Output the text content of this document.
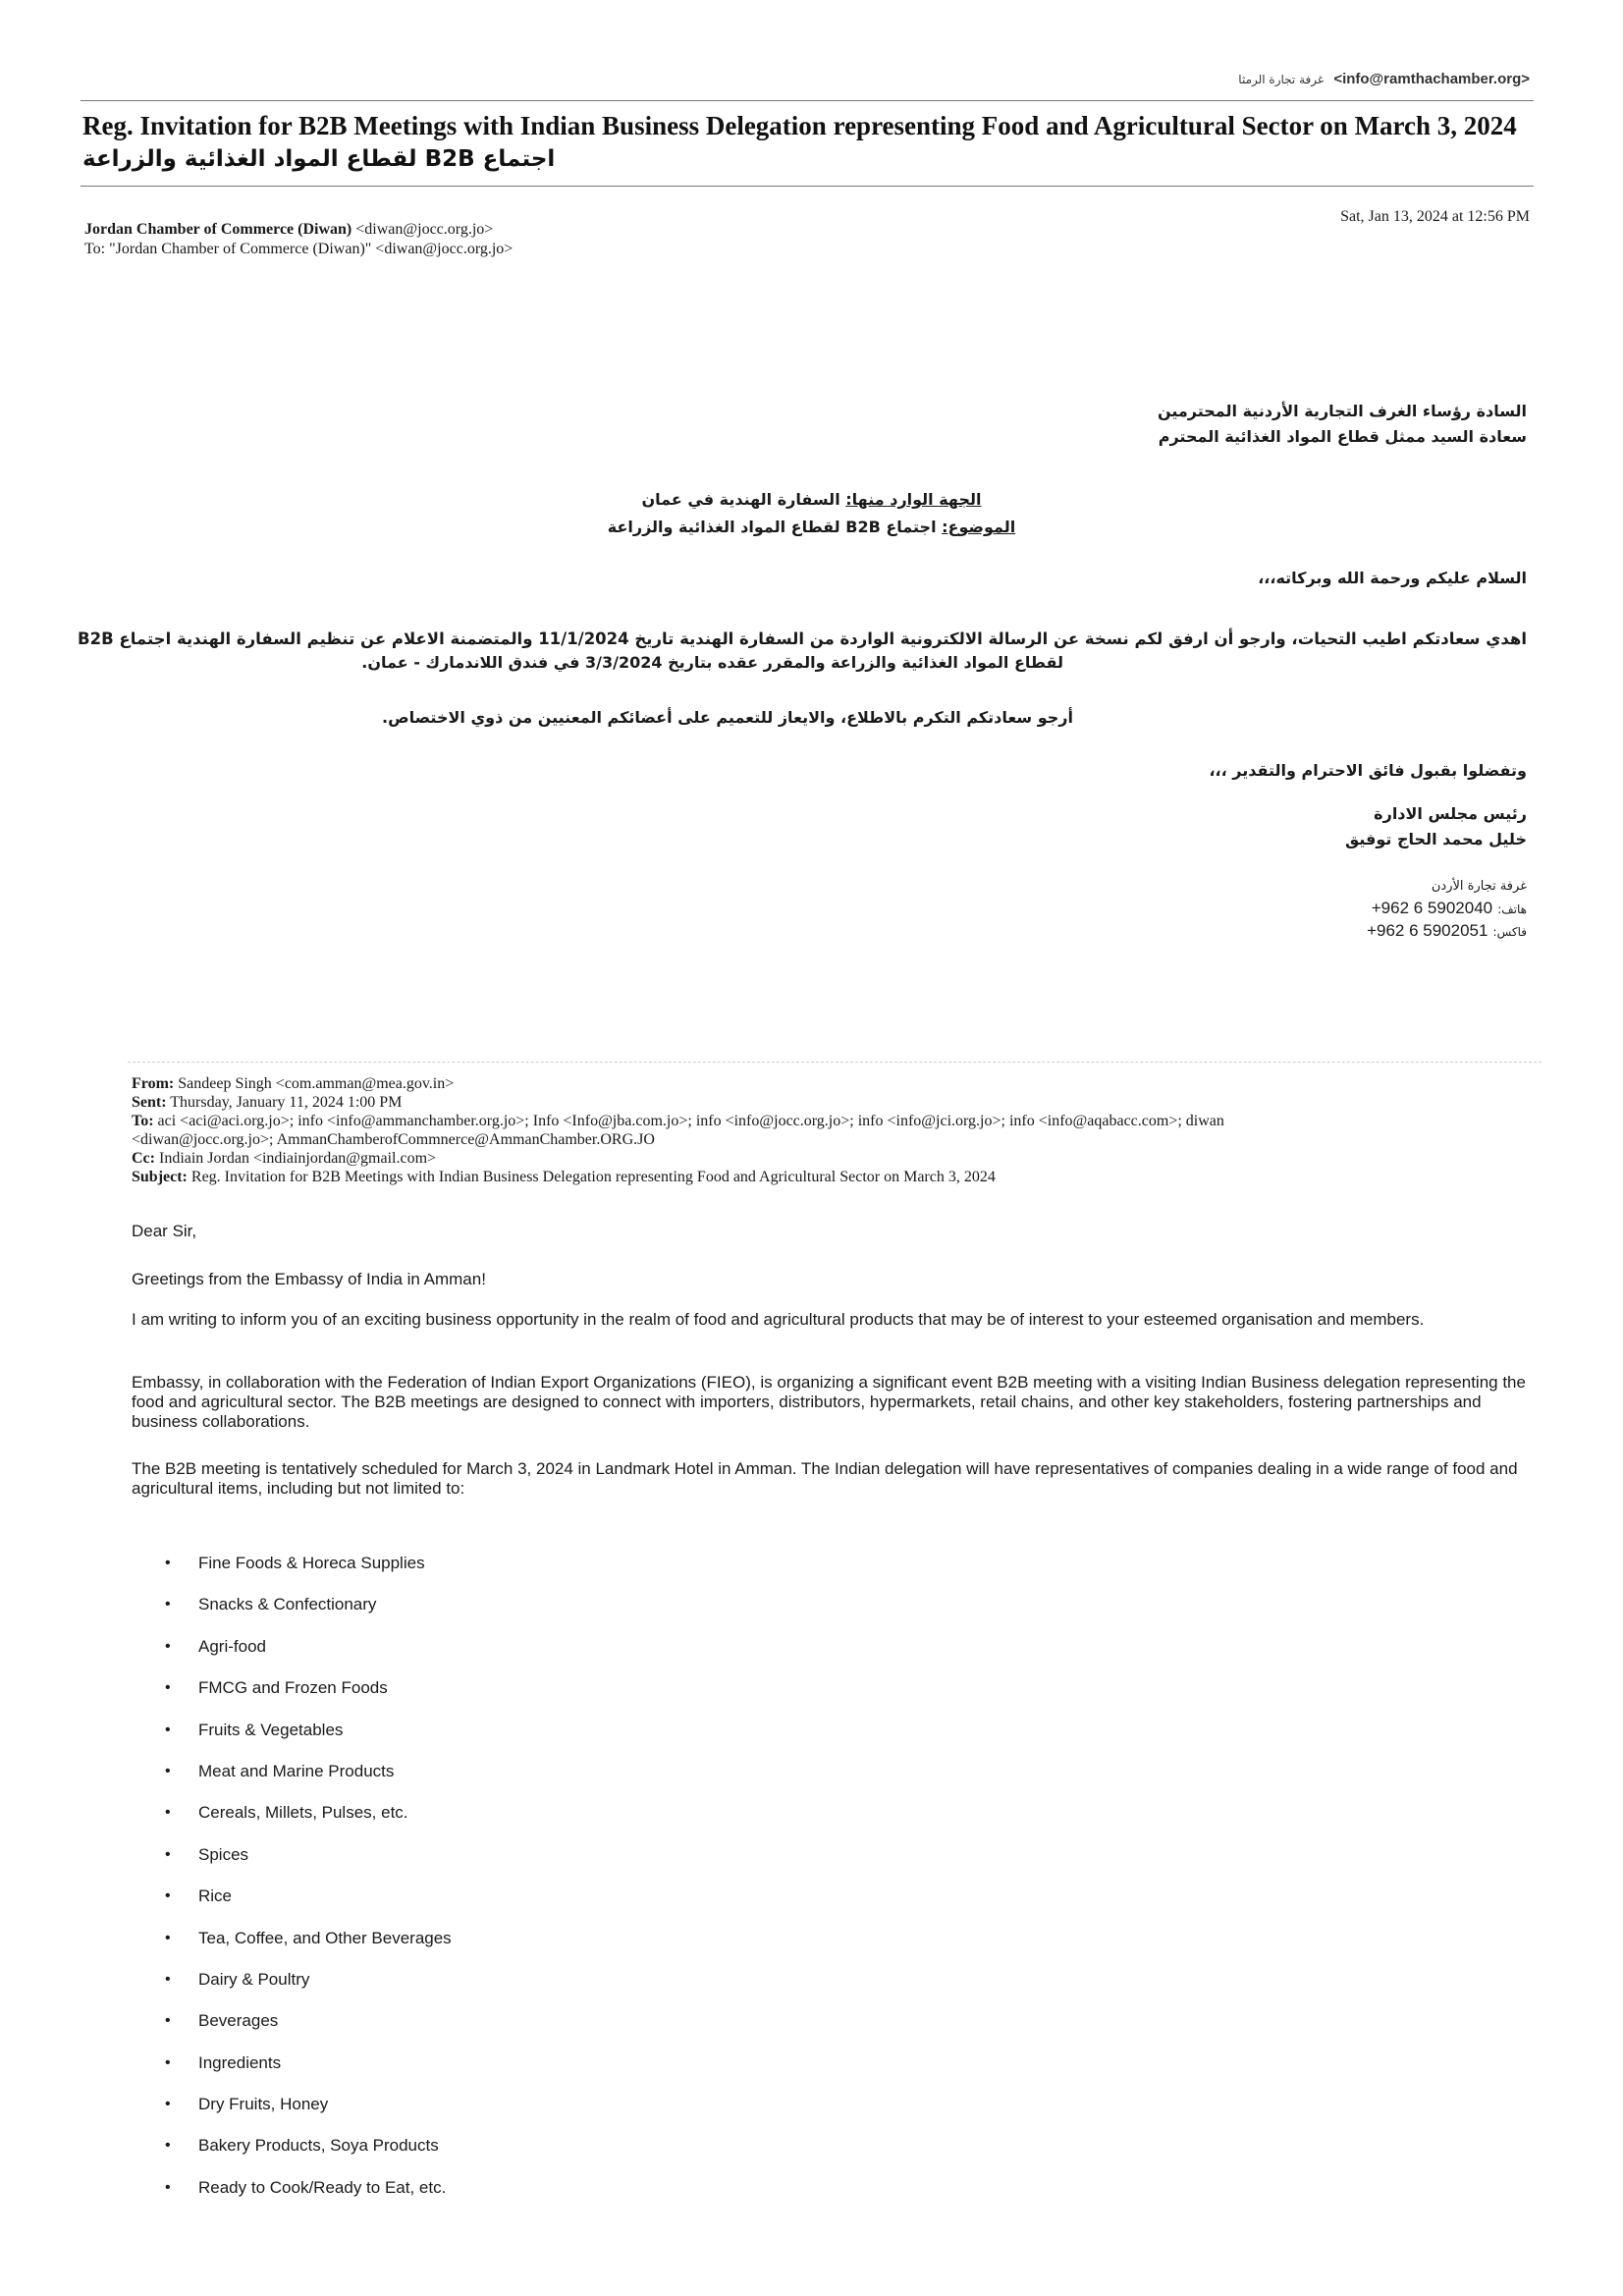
غرفة تجارة الرمثا <info@ramthachamber.org>
Reg. Invitation for B2B Meetings with Indian Business Delegation representing Food and Agricultural Sector on March 3, 2024 لقطاع المواد الغذائية والزراعة B2B اجتماع
Jordan Chamber of Commerce (Diwan) <diwan@jocc.org.jo>
To: "Jordan Chamber of Commerce (Diwan)" <diwan@jocc.org.jo>
Sat, Jan 13, 2024 at 12:56 PM
السادة رؤساء الغرف التجارية الأردنية المحترمين
سعادة السيد ممثل قطاع المواد الغذائية المحترم
الجهة الوارد منها: السفارة الهندية في عمان
الموضوع: اجتماع B2B لقطاع المواد الغذائية والزراعة
السلام عليكم ورحمة الله وبركاته،،،
اهدي سعادتكم اطيب التحيات، وارجو أن ارفق لكم نسخة عن الرسالة الالكترونية الواردة من السفارة الهندية تاريخ 11/1/2024 والمتضمنة الاعلام عن تنظيم السفارة الهندية اجتماع B2B
لقطاع المواد الغذائية والزراعة والمقرر عقده بتاريخ 3/3/2024 في فندق اللاندمارك - عمان.
أرجو سعادتكم التكرم بالاطلاع، والايعاز للتعميم على أعضائكم المعنيين من ذوي الاختصاص.
وتفضلوا بقبول فائق الاحترام والتقدير ،،،
رئيس مجلس الادارة
خليل محمد الحاج توفيق
غرفة تجارة الأردن
هاتف: +962 6 5902040
فاكس: +962 6 5902051
From: Sandeep Singh <com.amman@mea.gov.in>
Sent: Thursday, January 11, 2024 1:00 PM
To: aci <aci@aci.org.jo>; info <info@ammanchamber.org.jo>; Info <Info@jba.com.jo>; info <info@jocc.org.jo>; info <info@jci.org.jo>; info <info@aqabacc.com>; diwan
<diwan@jocc.org.jo>; AmmanChamberofCommnerce@AmmanChamber.ORG.JO
Cc: Indiain Jordan <indiainjordan@gmail.com>
Subject: Reg. Invitation for B2B Meetings with Indian Business Delegation representing Food and Agricultural Sector on March 3, 2024
Dear Sir,
Greetings from the Embassy of India in Amman!
I am writing to inform you of an exciting business opportunity in the realm of food and agricultural products that may be of interest to your esteemed organisation and members.
Embassy, in collaboration with the Federation of Indian Export Organizations (FIEO), is organizing a significant event B2B meeting with a visiting Indian Business delegation representing the food and agricultural sector. The B2B meetings are designed to connect with importers, distributors, hypermarkets, retail chains, and other key stakeholders, fostering partnerships and business collaborations.
The B2B meeting is tentatively scheduled for March 3, 2024 in Landmark Hotel in Amman. The Indian delegation will have representatives of companies dealing in a wide range of food and agricultural items, including but not limited to:
• Fine Foods & Horeca Supplies
• Snacks & Confectionary
• Agri-food
• FMCG and Frozen Foods
• Fruits & Vegetables
• Meat and Marine Products
• Cereals, Millets, Pulses, etc.
• Spices
• Rice
• Tea, Coffee, and Other Beverages
• Dairy & Poultry
• Beverages
• Ingredients
• Dry Fruits, Honey
• Bakery Products, Soya Products
• Ready to Cook/Ready to Eat, etc.
